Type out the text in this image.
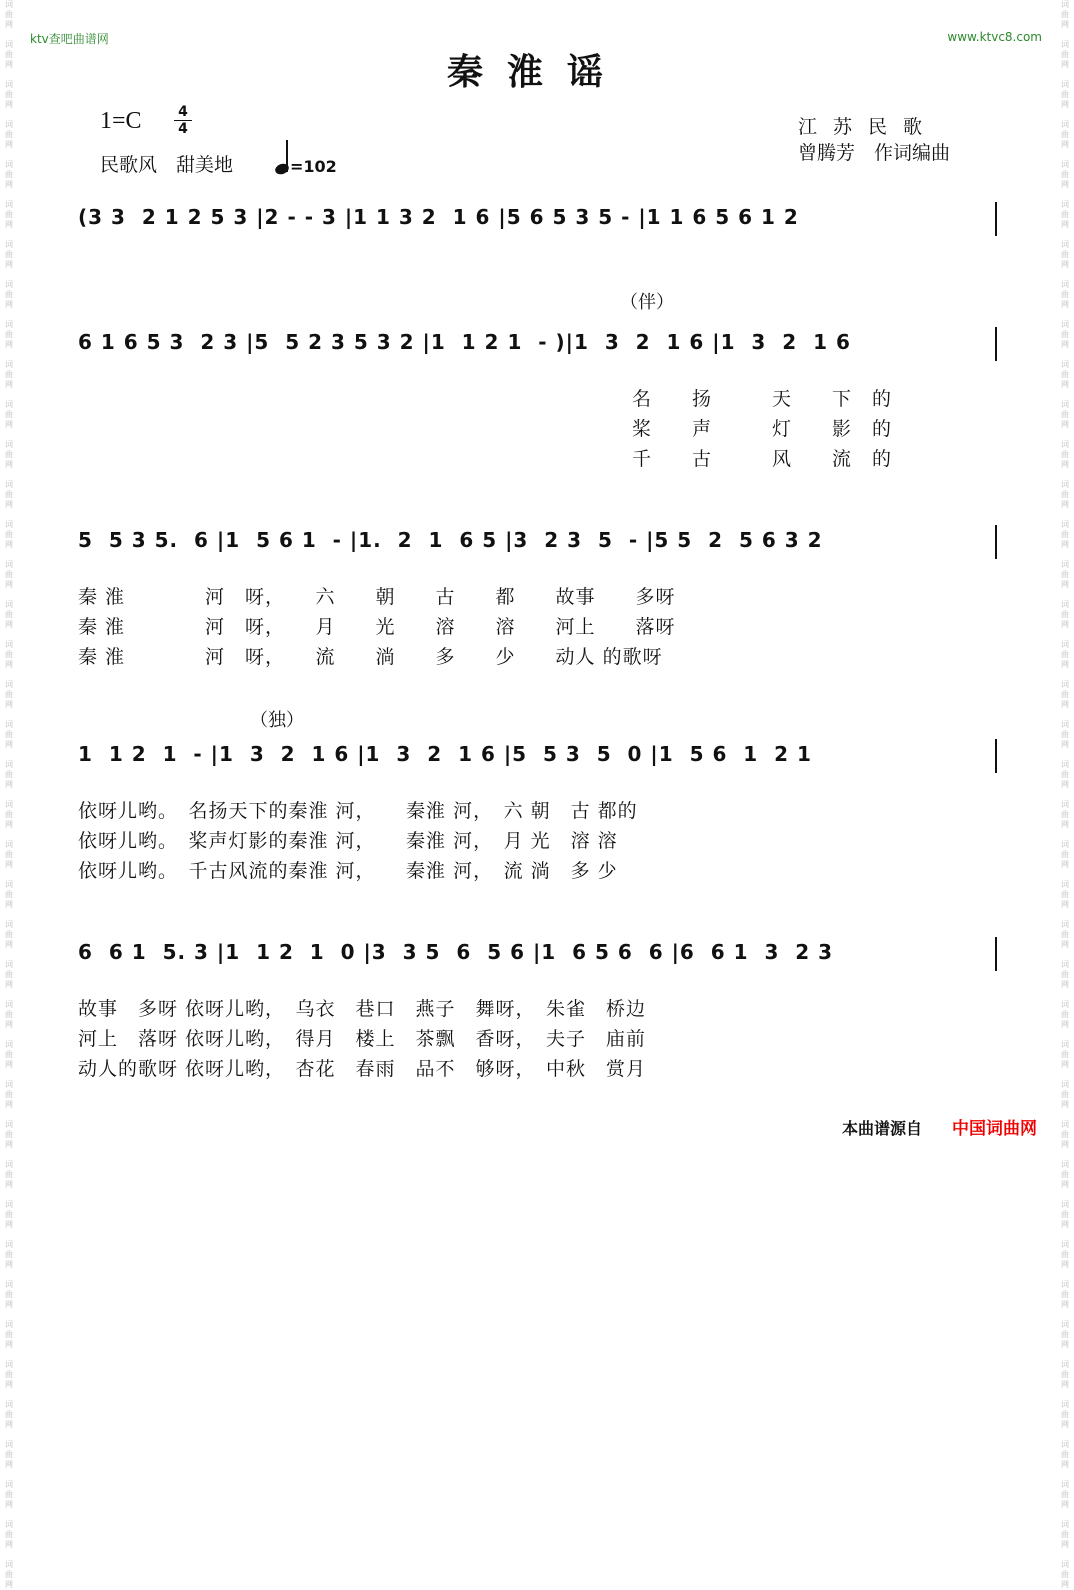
词
曲
网

词
曲
网

词
曲
网

词
曲
网

词
曲
网

词
曲
网

词
曲
网

词
曲
网

词
曲
网

词
曲
网

词
曲
网

词
曲
网

词
曲
网

词
曲
网

词
曲
网

词
曲
网

词
曲
网

词
曲
网

词
曲
网

词
曲
网

词
曲
网

词
曲
网

词
曲
网

词
曲
网

词
曲
网

词
曲
网

词
曲
网

词
曲
网

词
曲
网

词
曲
网

词
曲
网

词
曲
网

词
曲
网

词
曲
网

词
曲
网

词
曲
网

词
曲
网

词
曲
网

词
曲
网

词
曲
网

词
曲
网

词
曲
网

词
曲
网

词
曲
网

词
曲
网

词
曲
网

词
曲
网

词
曲
网

词
曲
网

词
曲
网

词
曲
网

词
曲
网

词
曲
网

词
曲
网

词
曲
网

词
曲
网

词
曲
网

词
曲
网

词
曲
网

词
曲
网

词
曲
网

词
曲
网

词
曲
网

词
曲
网

词
曲
网

词
曲
网

词
曲
网

词
曲
网

词
曲
网

词
曲
网

词
曲
网

词
曲
网

词
曲
网

词
曲
网

词
曲
网

词
曲
网

词
曲
网

词
曲
网

词
曲
网

词
曲
网

ktv查吧曲谱网	www.ktvc8.com
秦淮谣
1=C	4
4
民歌风　甜美地	=102
江苏民歌
曾腾芳　作词编曲
(3 3  2 1 2 5 3 |2 - - 3 |1 1 3 2  1 6 |5 6 5 3 5 - |1 1 6 5 6 1 2
（伴）
6 1 6 5 3  2 3 |5  5 2 3 5 3 2 |1  1 2 1  - )|1  3  2  1 6 |1  3  2  1 6
5  5 3 5.  6 |1  5 6 1  - |1.  2  1  6 5 |3  2 3  5  - |5 5  2  5 6 3 2
（独）
1  1 2  1  - |1  3  2  1 6 |1  3  2  1 6 |5  5 3  5  0 |1  5 6  1  2 1
6  6 1  5. 3 |1  1 2  1  0 |3  3 5  6  5 6 |1  6 5 6  6 |6  6 1  3  2 3
名　　扬　　　天　　下　的
桨　　声　　　灯　　影　的
千　　古　　　风　　流　的
秦 淮　　　　河　呀，　　六　　朝　　古　　都　　故事　　多呀
秦 淮　　　　河　呀，　　月　　光　　溶　　溶　　河上　　落呀
秦 淮　　　　河　呀，　　流　　淌　　多　　少　　动人 的歌呀
依呀儿哟。　名扬天下的秦淮 河，　　秦淮 河，　六 朝　古 都的
依呀儿哟。　桨声灯影的秦淮 河，　　秦淮 河，　月 光　溶 溶
依呀儿哟。　千古风流的秦淮 河，　　秦淮 河，　流 淌　多 少
故事　多呀 依呀儿哟，　乌衣　巷口　燕子　舞呀，　朱雀　桥边
河上　落呀 依呀儿哟，　得月　楼上　茶飘　香呀，　夫子　庙前
动人的歌呀 依呀儿哟，　杏花　春雨　品不　够呀，　中秋　赏月
本曲谱源自 中国词曲网
